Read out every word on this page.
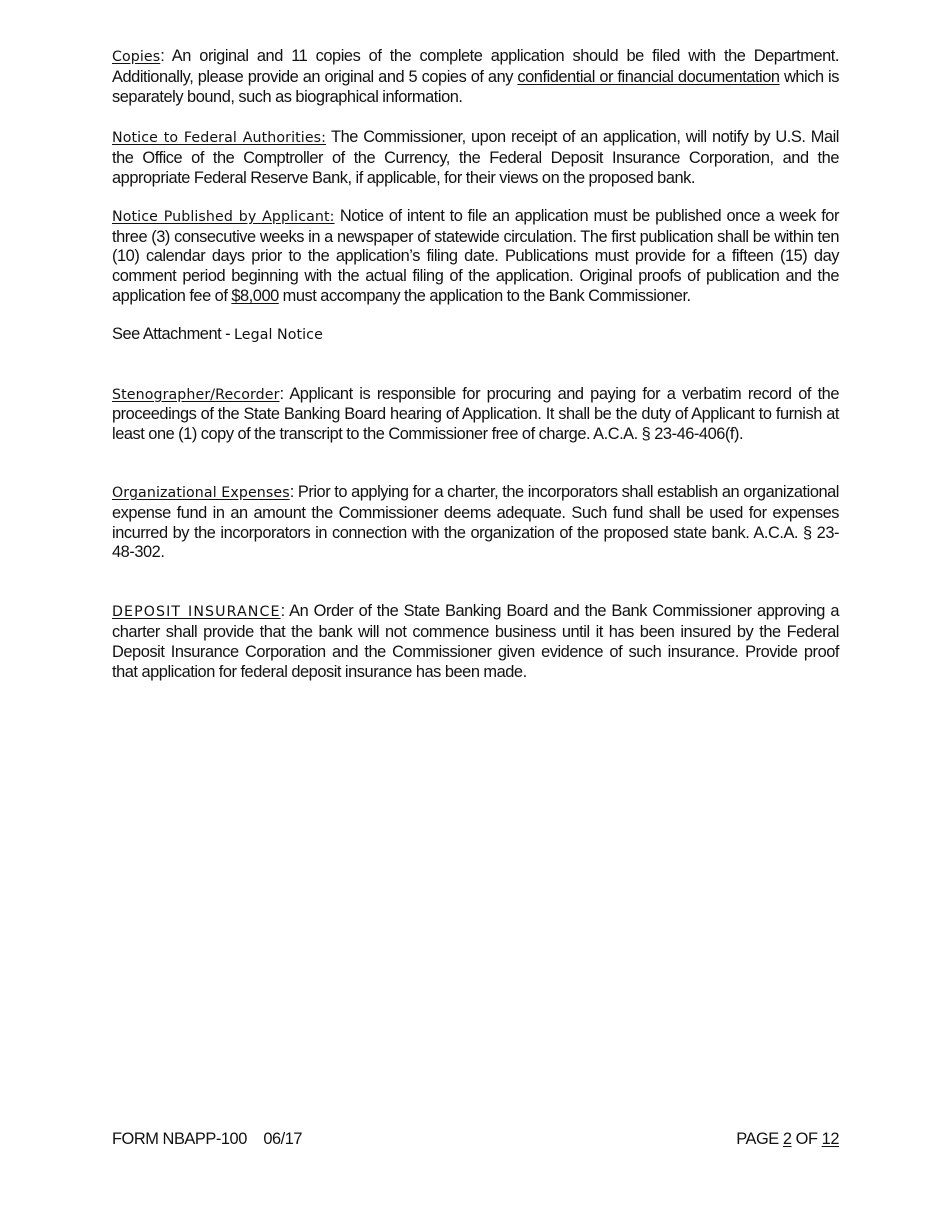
Copies: An original and 11 copies of the complete application should be filed with the Department. Additionally, please provide an original and 5 copies of any confidential or financial documentation which is separately bound, such as biographical information.

Notice to Federal Authorities: The Commissioner, upon receipt of an application, will notify by U.S. Mail the Office of the Comptroller of the Currency, the Federal Deposit Insurance Corporation, and the appropriate Federal Reserve Bank, if applicable, for their views on the proposed bank.

Notice Published by Applicant: Notice of intent to file an application must be published once a week for three (3) consecutive weeks in a newspaper of statewide circulation. The first publication shall be within ten (10) calendar days prior to the application’s filing date. Publications must provide for a fifteen (15) day comment period beginning with the actual filing of the application. Original proofs of publication and the application fee of $8,000 must accompany the application to the Bank Commissioner.

See Attachment - Legal Notice

Stenographer/Recorder: Applicant is responsible for procuring and paying for a verbatim record of the proceedings of the State Banking Board hearing of Application. It shall be the duty of Applicant to furnish at least one (1) copy of the transcript to the Commissioner free of charge. A.C.A. § 23-46-406(f).

Organizational Expenses: Prior to applying for a charter, the incorporators shall establish an organizational expense fund in an amount the Commissioner deems adequate. Such fund shall be used for expenses incurred by the incorporators in connection with the organization of the proposed state bank. A.C.A. § 23-48-302.

DEPOSIT INSURANCE: An Order of the State Banking Board and the Bank Commissioner approving a charter shall provide that the bank will not commence business until it has been insured by the Federal Deposit Insurance Corporation and the Commissioner given evidence of such insurance. Provide proof that application for federal deposit insurance has been made.

FORM NBAPP-100 06/17	PAGE 2 OF 12
